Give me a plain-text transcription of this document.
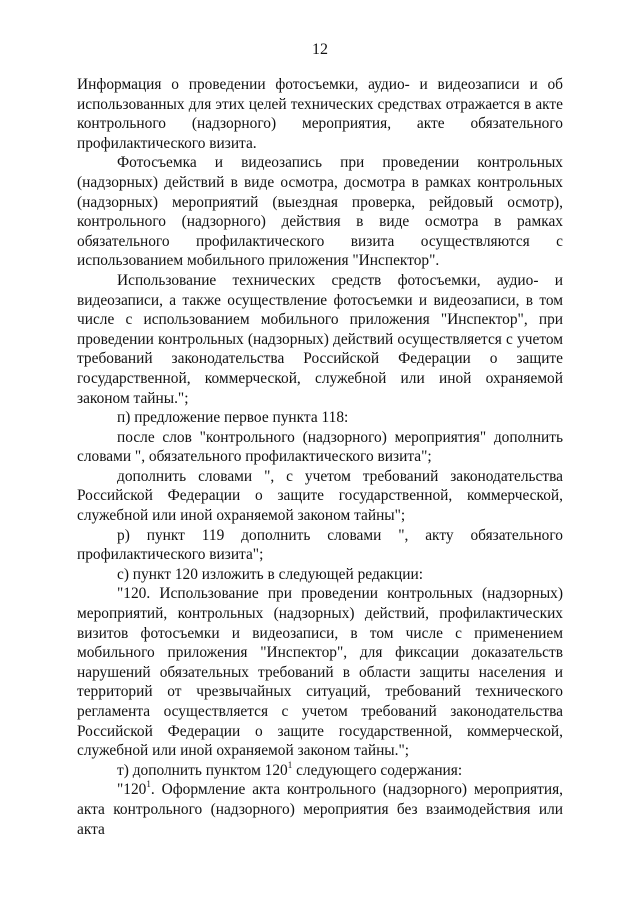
12

Информация о проведении фотосъемки, аудио- и видеозаписи и об использованных для этих целей технических средствах отражается в акте контрольного (надзорного) мероприятия, акте обязательного профилактического визита.

Фотосъемка и видеозапись при проведении контрольных (надзорных) действий в виде осмотра, досмотра в рамках контрольных (надзорных) мероприятий (выездная проверка, рейдовый осмотр), контрольного (надзорного) действия в виде осмотра в рамках обязательного профилактического визита осуществляются с использованием мобильного приложения "Инспектор".

Использование технических средств фотосъемки, аудио- и видеозаписи, а также осуществление фотосъемки и видеозаписи, в том числе с использованием мобильного приложения "Инспектор", при проведении контрольных (надзорных) действий осуществляется с учетом требований законодательства Российской Федерации о защите государственной, коммерческой, служебной или иной охраняемой законом тайны.";

п) предложение первое пункта 118:

после слов "контрольного (надзорного) мероприятия" дополнить словами ", обязательного профилактического визита";

дополнить словами ", с учетом требований законодательства Российской Федерации о защите государственной, коммерческой, служебной или иной охраняемой законом тайны";

р) пункт 119 дополнить словами ", акту обязательного профилактического визита";

с) пункт 120 изложить в следующей редакции:

"120. Использование при проведении контрольных (надзорных) мероприятий, контрольных (надзорных) действий, профилактических визитов фотосъемки и видеозаписи, в том числе с применением мобильного приложения "Инспектор", для фиксации доказательств нарушений обязательных требований в области защиты населения и территорий от чрезвычайных ситуаций, требований технического регламента осуществляется с учетом требований законодательства Российской Федерации о защите государственной, коммерческой, служебной или иной охраняемой законом тайны.";

т) дополнить пунктом $120^1$ следующего содержания:

"$120^1$. Оформление акта контрольного (надзорного) мероприятия, акта контрольного (надзорного) мероприятия без взаимодействия или акта
